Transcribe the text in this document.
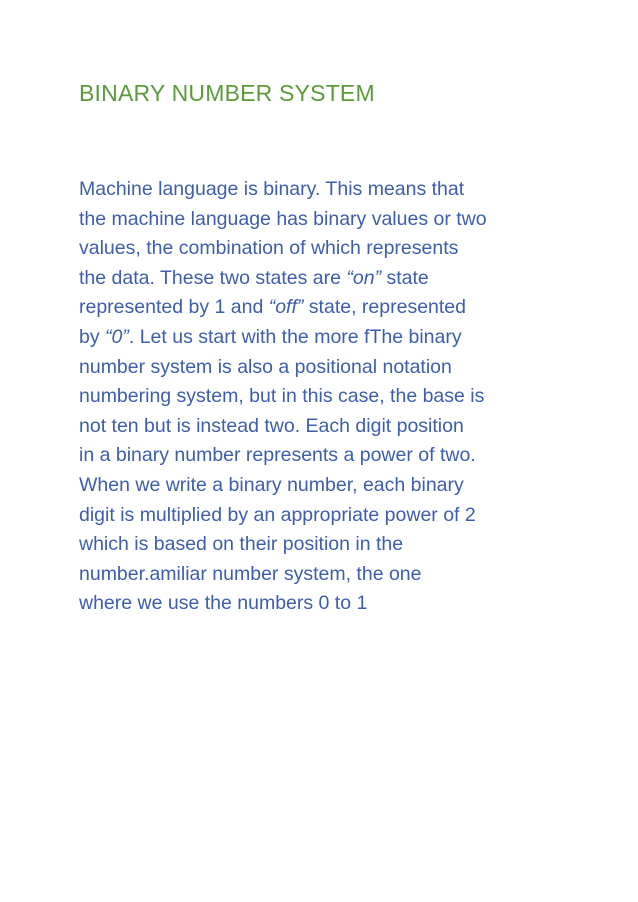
BINARY NUMBER SYSTEM
Machine language is binary. This means that
the machine language has binary values or two
values, the combination of which represents
the data. These two states are “on” state
represented by 1 and “off” state, represented
by “0”. Let us start with the more fThe binary
number system is also a positional notation
numbering system, but in this case, the base is
not ten but is instead two. Each digit position
in a binary number represents a power of two.
When we write a binary number, each binary
digit is multiplied by an appropriate power of 2
which is based on their position in the
number.amiliar number system, the one
where we use the numbers 0 to 1
